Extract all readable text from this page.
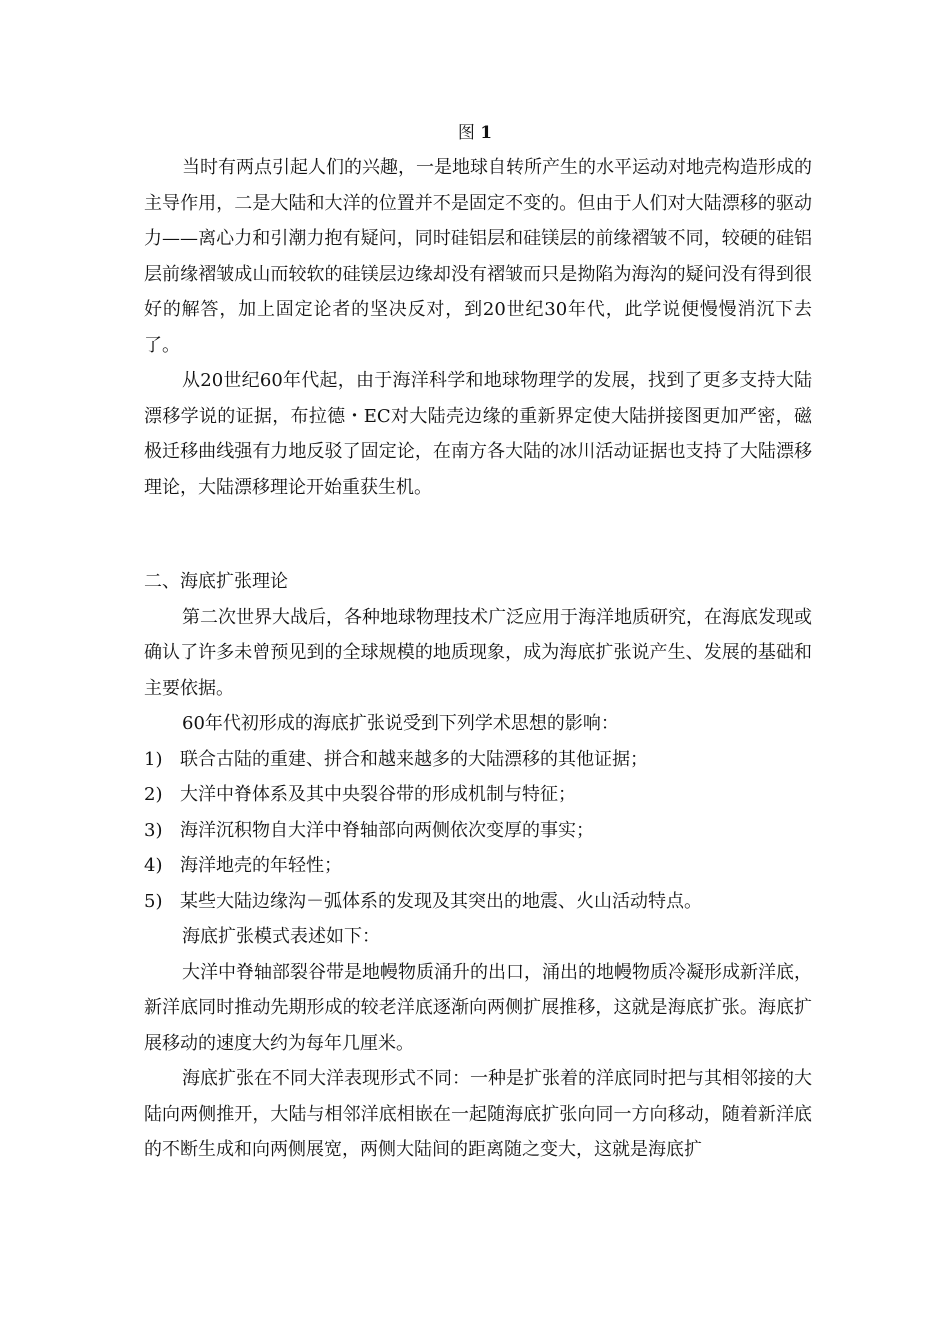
图 1

当时有两点引起人们的兴趣，一是地球自转所产生的水平运动对地壳构造形成的主导作用，二是大陆和大洋的位置并不是固定不变的。但由于人们对大陆漂移的驱动力——离心力和引潮力抱有疑问，同时硅铝层和硅镁层的前缘褶皱不同，较硬的硅铝层前缘褶皱成山而较软的硅镁层边缘却没有褶皱而只是拗陷为海沟的疑问没有得到很好的解答，加上固定论者的坚决反对，到20世纪30年代，此学说便慢慢消沉下去了。

从20世纪60年代起，由于海洋科学和地球物理学的发展，找到了更多支持大陆漂移学说的证据，布拉德・EC对大陆壳边缘的重新界定使大陆拼接图更加严密，磁极迁移曲线强有力地反驳了固定论，在南方各大陆的冰川活动证据也支持了大陆漂移理论，大陆漂移理论开始重获生机。

二、海底扩张理论

第二次世界大战后，各种地球物理技术广泛应用于海洋地质研究，在海底发现或确认了许多未曾预见到的全球规模的地质现象，成为海底扩张说产生、发展的基础和主要依据。

60年代初形成的海底扩张说受到下列学术思想的影响：

1) 联合古陆的重建、拼合和越来越多的大陆漂移的其他证据；

2) 大洋中脊体系及其中央裂谷带的形成机制与特征；

3) 海洋沉积物自大洋中脊轴部向两侧依次变厚的事实；

4) 海洋地壳的年轻性；

5) 某些大陆边缘沟－弧体系的发现及其突出的地震、火山活动特点。

海底扩张模式表述如下：

大洋中脊轴部裂谷带是地幔物质涌升的出口，涌出的地幔物质冷凝形成新洋底，新洋底同时推动先期形成的较老洋底逐渐向两侧扩展推移，这就是海底扩张。海底扩展移动的速度大约为每年几厘米。

海底扩张在不同大洋表现形式不同：一种是扩张着的洋底同时把与其相邻接的大陆向两侧推开，大陆与相邻洋底相嵌在一起随海底扩张向同一方向移动，随着新洋底的不断生成和向两侧展宽，两侧大陆间的距离随之变大，这就是海底扩
